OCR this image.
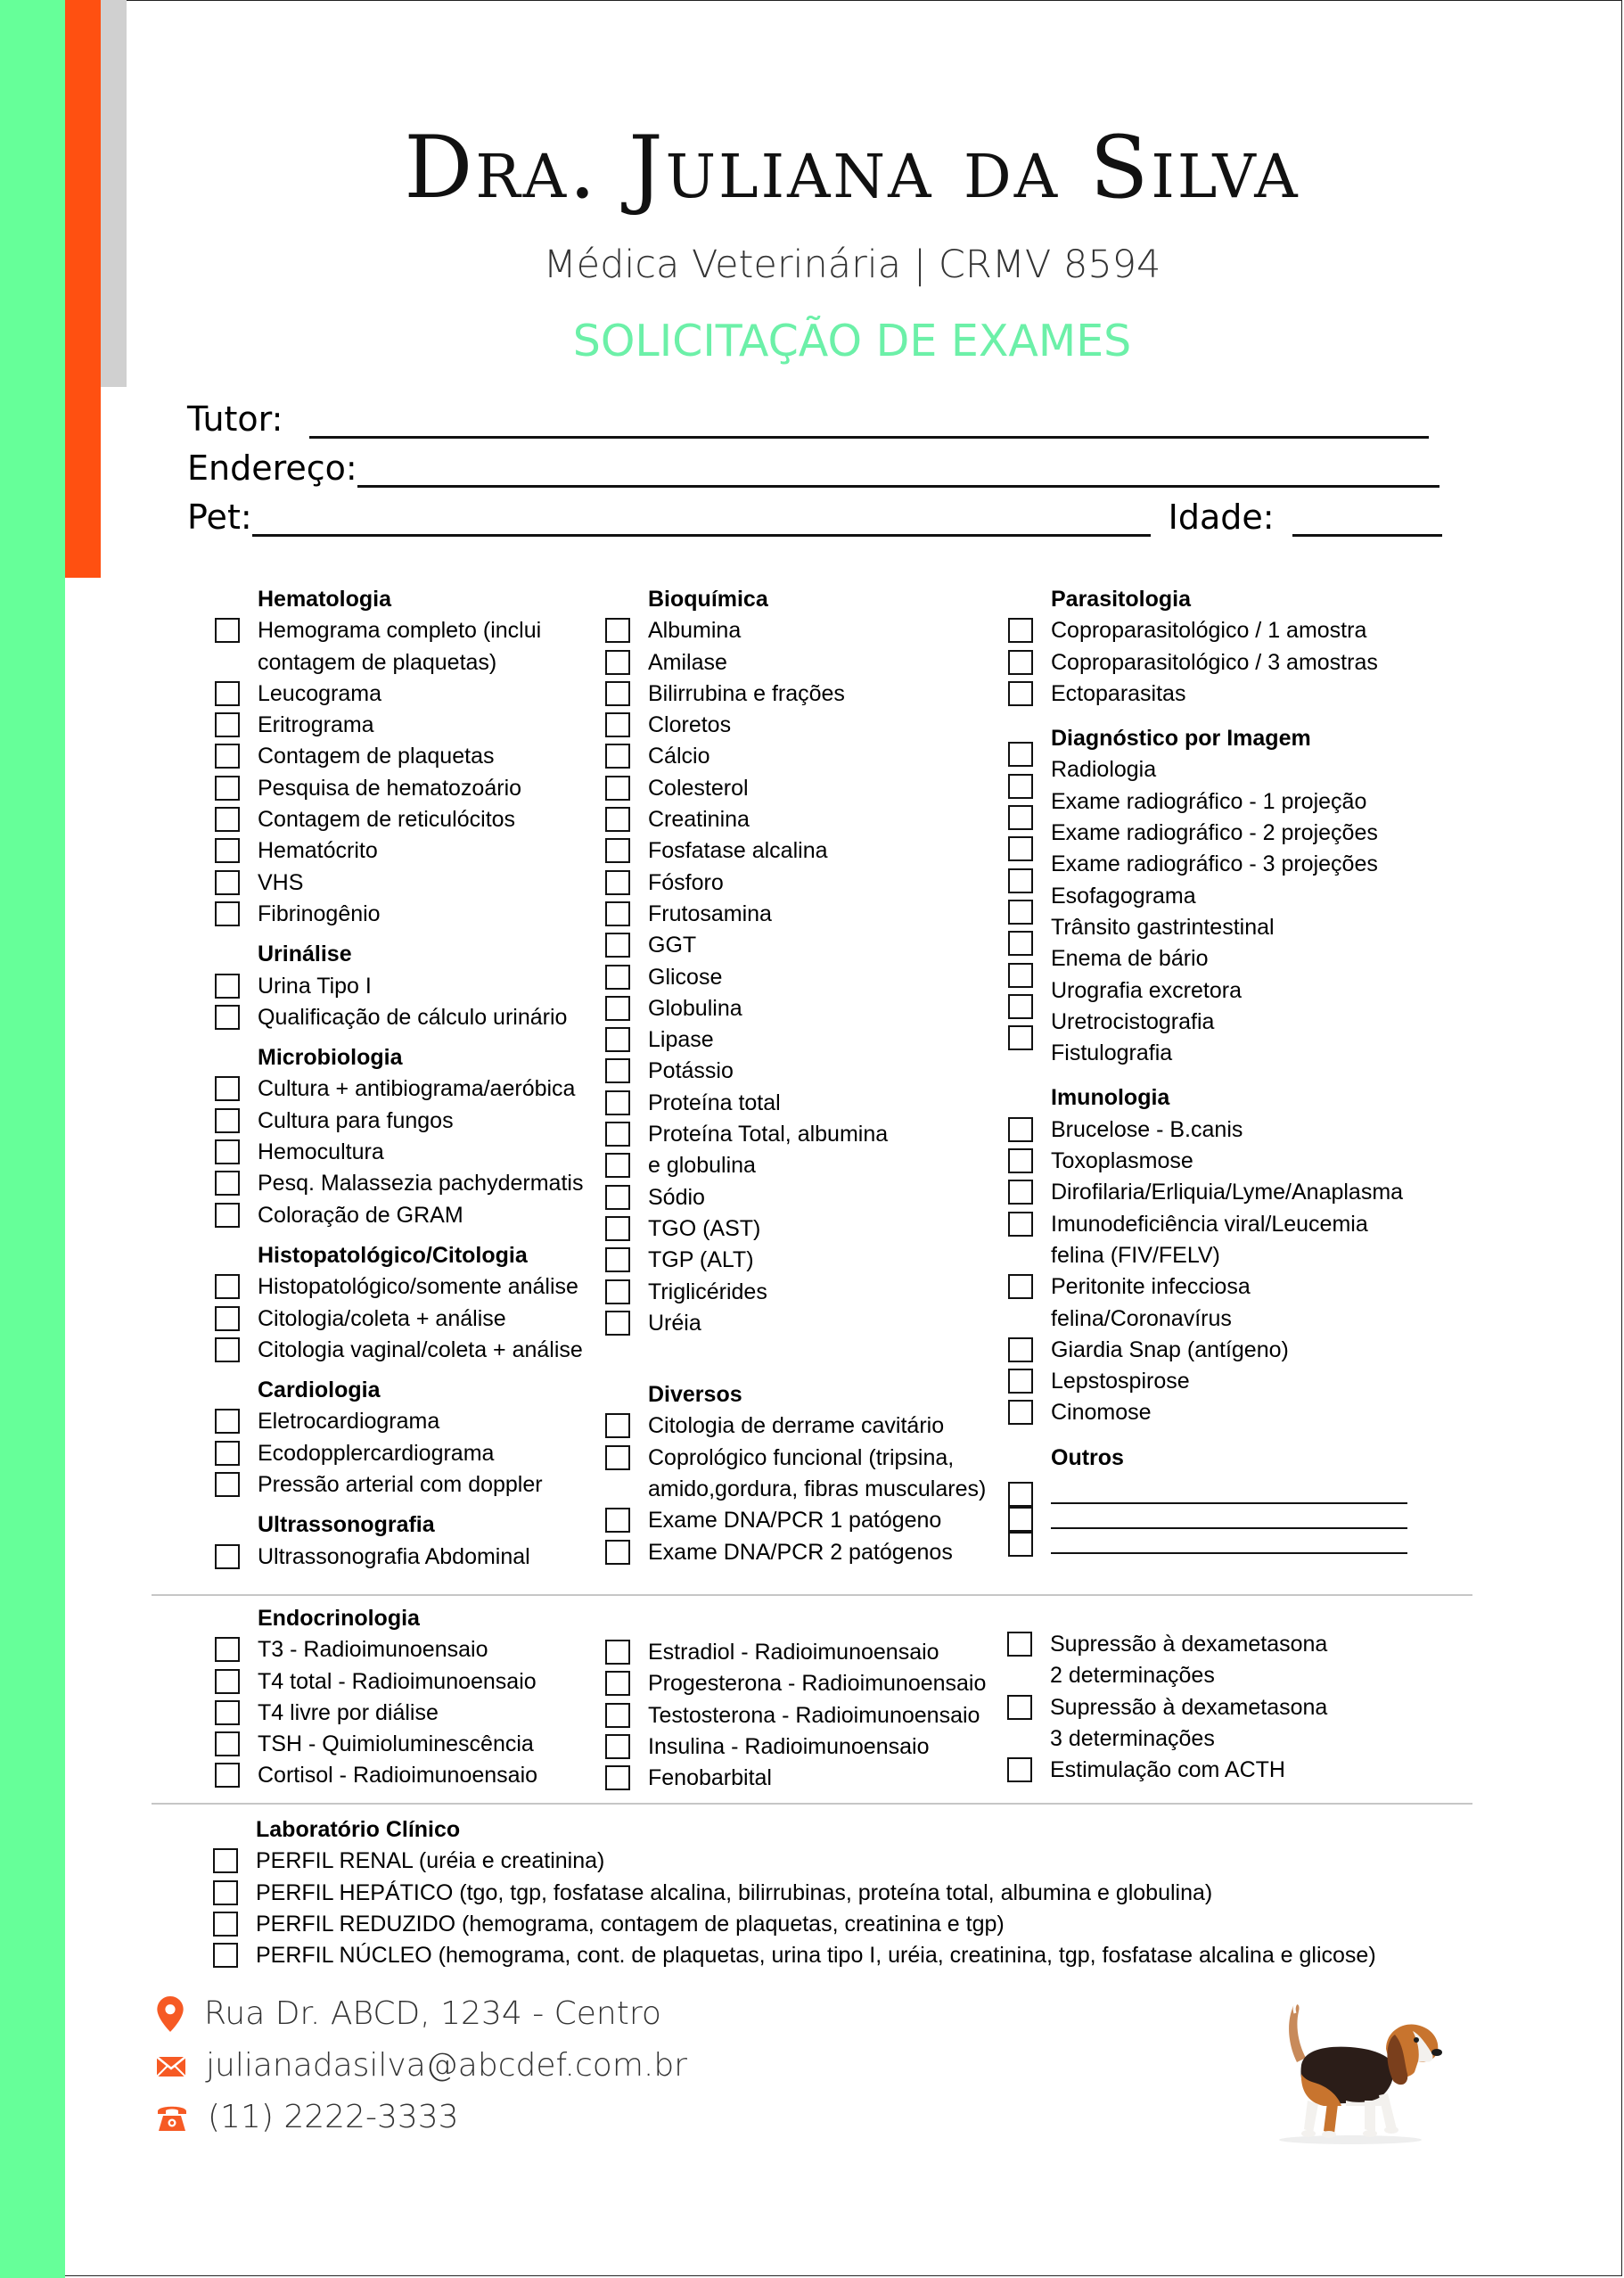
Dra. Juliana da Silva
Médica Veterinária | CRMV 8594
SOLICITAÇÃO DE EXAMES
Tutor:
Endereço:
Pet:	Idade:
Hematologia
Hemograma completo (inclui
contagem de plaquetas)
Leucograma
Eritrograma
Contagem de plaquetas
Pesquisa de hematozoário
Contagem de reticulócitos
Hematócrito
VHS
Fibrinogênio
Urinálise
Urina Tipo I
Qualificação de cálculo urinário
Microbiologia
Cultura + antibiograma/aeróbica
Cultura para fungos
Hemocultura
Pesq. Malassezia pachydermatis
Coloração de GRAM
Histopatológico/Citologia
Histopatológico/somente análise
Citologia/coleta + análise
Citologia vaginal/coleta + análise
Cardiologia
Eletrocardiograma
Ecodopplercardiograma
Pressão arterial com doppler
Ultrassonografia
Ultrassonografia Abdominal
Bioquímica
Albumina
Amilase
Bilirrubina e frações
Cloretos
Cálcio
Colesterol
Creatinina
Fosfatase alcalina
Fósforo
Frutosamina
GGT
Glicose
Globulina
Lipase
Potássio
Proteína total
Proteína Total, albumina
e globulina
Sódio
TGO (AST)
TGP (ALT)
Triglicérides
Uréia
Diversos
Citologia de derrame cavitário
Coprológico funcional (tripsina,
amido,gordura, fibras musculares)
Exame DNA/PCR 1 patógeno
Exame DNA/PCR 2 patógenos
Parasitologia
Coproparasitológico / 1 amostra
Coproparasitológico / 3 amostras
Ectoparasitas
Diagnóstico por Imagem
Radiologia
Exame radiográfico - 1 projeção
Exame radiográfico - 2 projeções
Exame radiográfico - 3 projeções
Esofagograma
Trânsito gastrintestinal
Enema de bário
Urografia excretora
Uretrocistografia
Fistulografia
Imunologia
Brucelose - B.canis
Toxoplasmose
Dirofilaria/Erliquia/Lyme/Anaplasma
Imunodeficiência viral/Leucemia
felina (FIV/FELV)
Peritonite infecciosa
felina/Coronavírus
Giardia Snap (antígeno)
Lepstospirose
Cinomose
Outros
Endocrinologia
T3 - Radioimunoensaio
T4 total - Radioimunoensaio
T4 livre por diálise
TSH - Quimioluminescência
Cortisol - Radioimunoensaio
Estradiol - Radioimunoensaio
Progesterona - Radioimunoensaio
Testosterona - Radioimunoensaio
Insulina - Radioimunoensaio
Fenobarbital
Supressão à dexametasona
2 determinações
Supressão à dexametasona
3 determinações
Estimulação com ACTH
Laboratório Clínico
PERFIL RENAL (uréia e creatinina)
PERFIL HEPÁTICO (tgo, tgp, fosfatase alcalina, bilirrubinas, proteína total, albumina e globulina)
PERFIL REDUZIDO (hemograma, contagem de plaquetas, creatinina e tgp)
PERFIL NÚCLEO (hemograma, cont. de plaquetas, urina tipo I, uréia, creatinina, tgp, fosfatase alcalina e glicose)
Rua Dr. ABCD, 1234 - Centro
julianadasilva@abcdef.com.br
(11) 2222-3333
